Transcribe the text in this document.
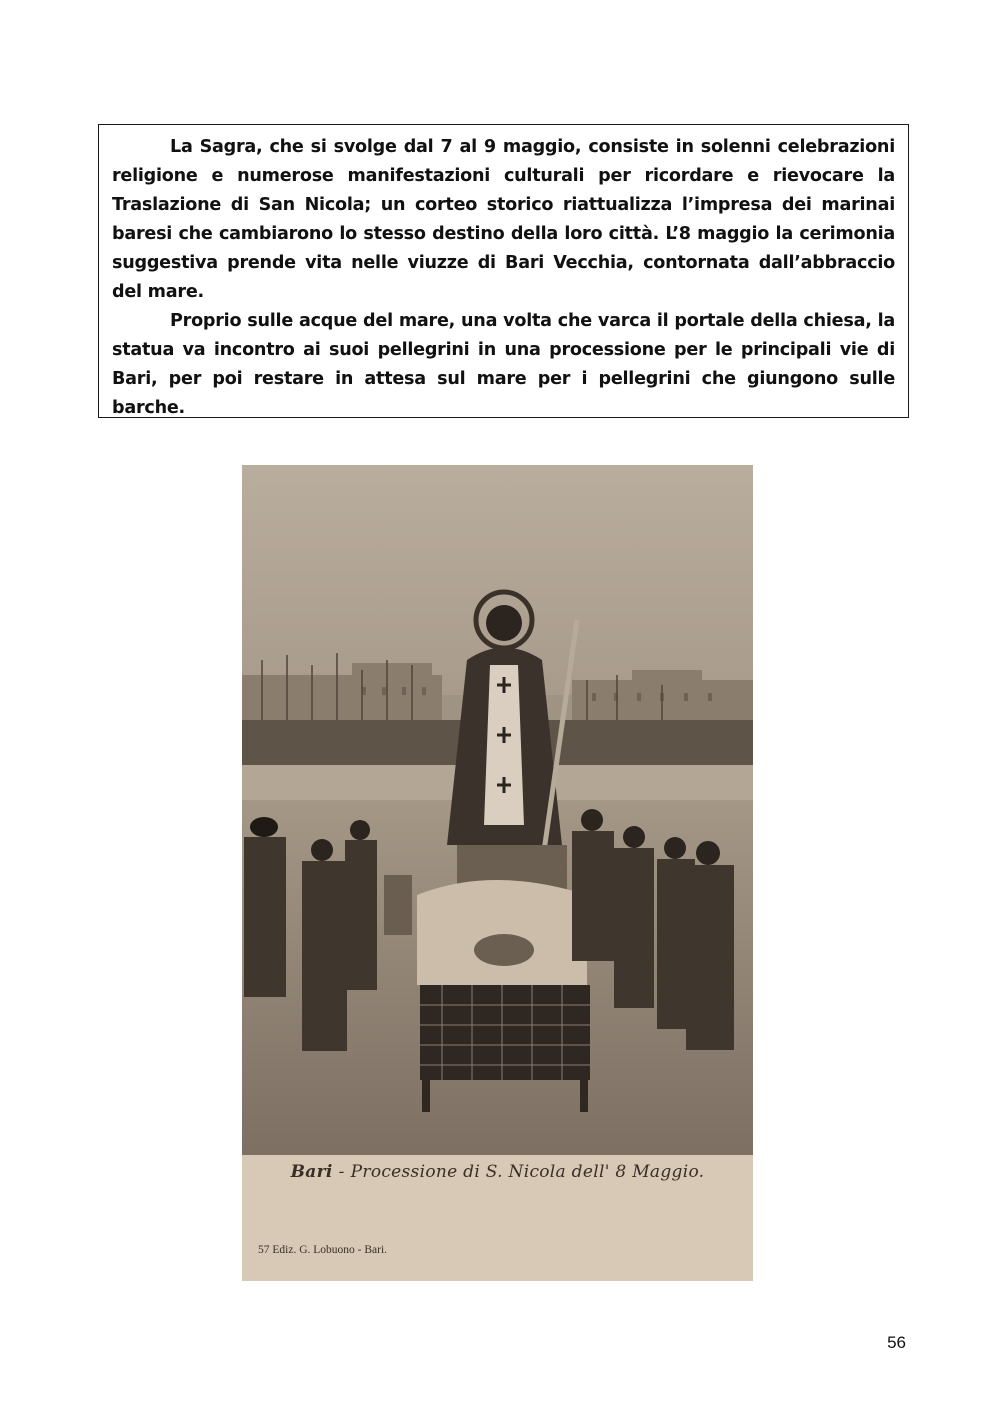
La Sagra, che si svolge dal 7 al 9 maggio, consiste in solenni celebrazioni religione e numerose manifestazioni culturali per ricordare e rievocare la Traslazione di San Nicola; un corteo storico riattualizza l’impresa dei marinai baresi che cambiarono lo stesso destino della loro città. L’8 maggio la cerimonia suggestiva prende vita nelle viuzze di Bari Vecchia, contornata dall’abbraccio del mare.

Proprio sulle acque del mare, una volta che varca il portale della chiesa, la statua va incontro ai suoi pellegrini in una processione per le principali vie di Bari, per poi restare in attesa sul mare per i pellegrini che giungono sulle barche.

Bari - Processione di S. Nicola dell' 8 Maggio.
57 Ediz. G. Lobuono - Bari.
56
